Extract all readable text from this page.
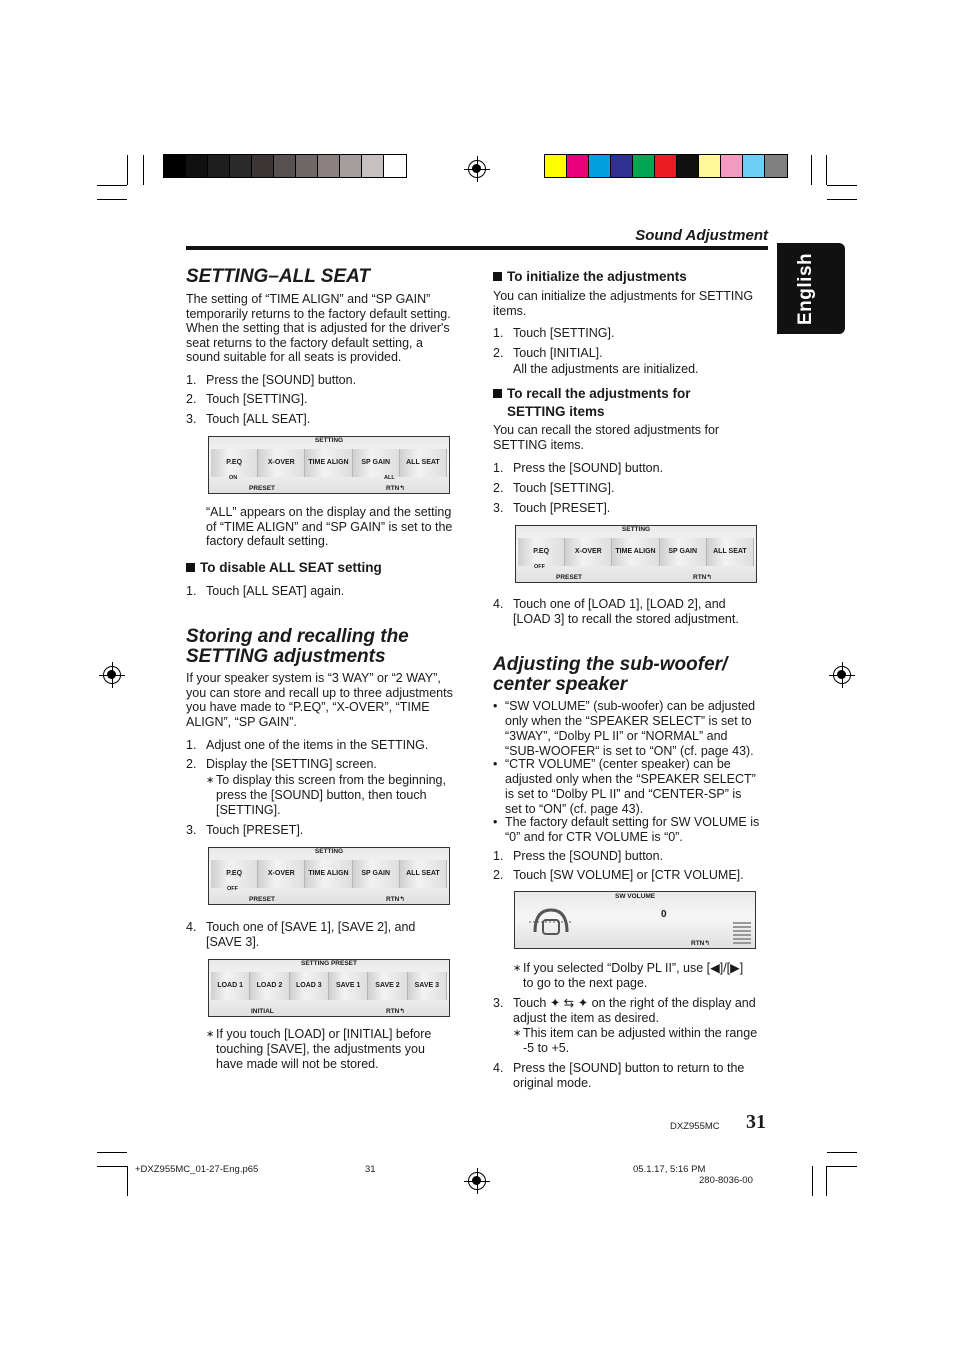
Sound Adjustment
English
SETTING–ALL SEAT
The setting of “TIME ALIGN” and “SP GAIN”
temporarily returns to the factory default setting.
When the setting that is adjusted for the driver's
seat returns to the factory default setting, a
sound suitable for all seats is provided.
1. Press the [SOUND] button.
2. Touch [SETTING].
3. Touch [ALL SEAT].
SETTING
P.EQ	X-OVER	TIME ALIGN	SP GAIN	ALL SEAT
ON	ALL
PRESET	RTN↰
“ALL” appears on the display and the setting
of “TIME ALIGN” and “SP GAIN” is set to the
factory default setting.
To disable ALL SEAT setting
1. Touch [ALL SEAT] again.
Storing and recalling the
SETTING adjustments
If your speaker system is “3 WAY” or “2 WAY”,
you can store and recall up to three adjustments
you have made to “P.EQ”, “X-OVER”, “TIME
ALIGN”, “SP GAIN”.
1. Adjust one of the items in the SETTING.
2. Display the [SETTING] screen.
∗ To display this screen from the beginning,
press the [SOUND] button, then touch
[SETTING].
3. Touch [PRESET].
SETTING
P.EQ	X-OVER	TIME ALIGN	SP GAIN	ALL SEAT
OFF
PRESET	RTN↰
4. Touch one of [SAVE 1], [SAVE 2], and
[SAVE 3].
SETTING PRESET
LOAD 1	LOAD 2	LOAD 3	SAVE 1	SAVE 2	SAVE 3
INITIAL	RTN↰
∗ If you touch [LOAD] or [INITIAL] before
touching [SAVE], the adjustments you
have made will not be stored.
To initialize the adjustments
You can initialize the adjustments for SETTING
items.
1. Touch [SETTING].
2. Touch [INITIAL].
All the adjustments are initialized.
To recall the adjustments for
SETTING items
You can recall the stored adjustments for
SETTING items.
1. Press the [SOUND] button.
2. Touch [SETTING].
3. Touch [PRESET].
SETTING
P.EQ	X-OVER	TIME ALIGN	SP GAIN	ALL SEAT
OFF
PRESET	RTN↰
4. Touch one of [LOAD 1], [LOAD 2], and
[LOAD 3] to recall the stored adjustment.
Adjusting the sub-woofer/
center speaker
• “SW VOLUME” (sub-woofer) can be adjusted
only when the “SPEAKER SELECT” is set to
“3WAY”, “Dolby PL II” or “NORMAL” and
“SUB-WOOFER“ is set to “ON” (cf. page 43).
• “CTR VOLUME” (center speaker) can be
adjusted only when the “SPEAKER SELECT”
is set to “Dolby PL II” and “CENTER-SP” is
set to “ON” (cf. page 43).
• The factory default setting for SW VOLUME is
“0” and for CTR VOLUME is “0”.
1. Press the [SOUND] button.
2. Touch [SW VOLUME] or [CTR VOLUME].
SW VOLUME
0
RTN↰
∗ If you selected “Dolby PL II”, use [◀]/[▶]
to go to the next page.
3. Touch ✦ ⇆ ✦ on the right of the display and
adjust the item as desired.
∗ This item can be adjusted within the range
-5 to +5.
4. Press the [SOUND] button to return to the
original mode.
DXZ955MC 31
+DXZ955MC_01-27-Eng.p65	31	05.1.17, 5:16 PM
280-8036-00
